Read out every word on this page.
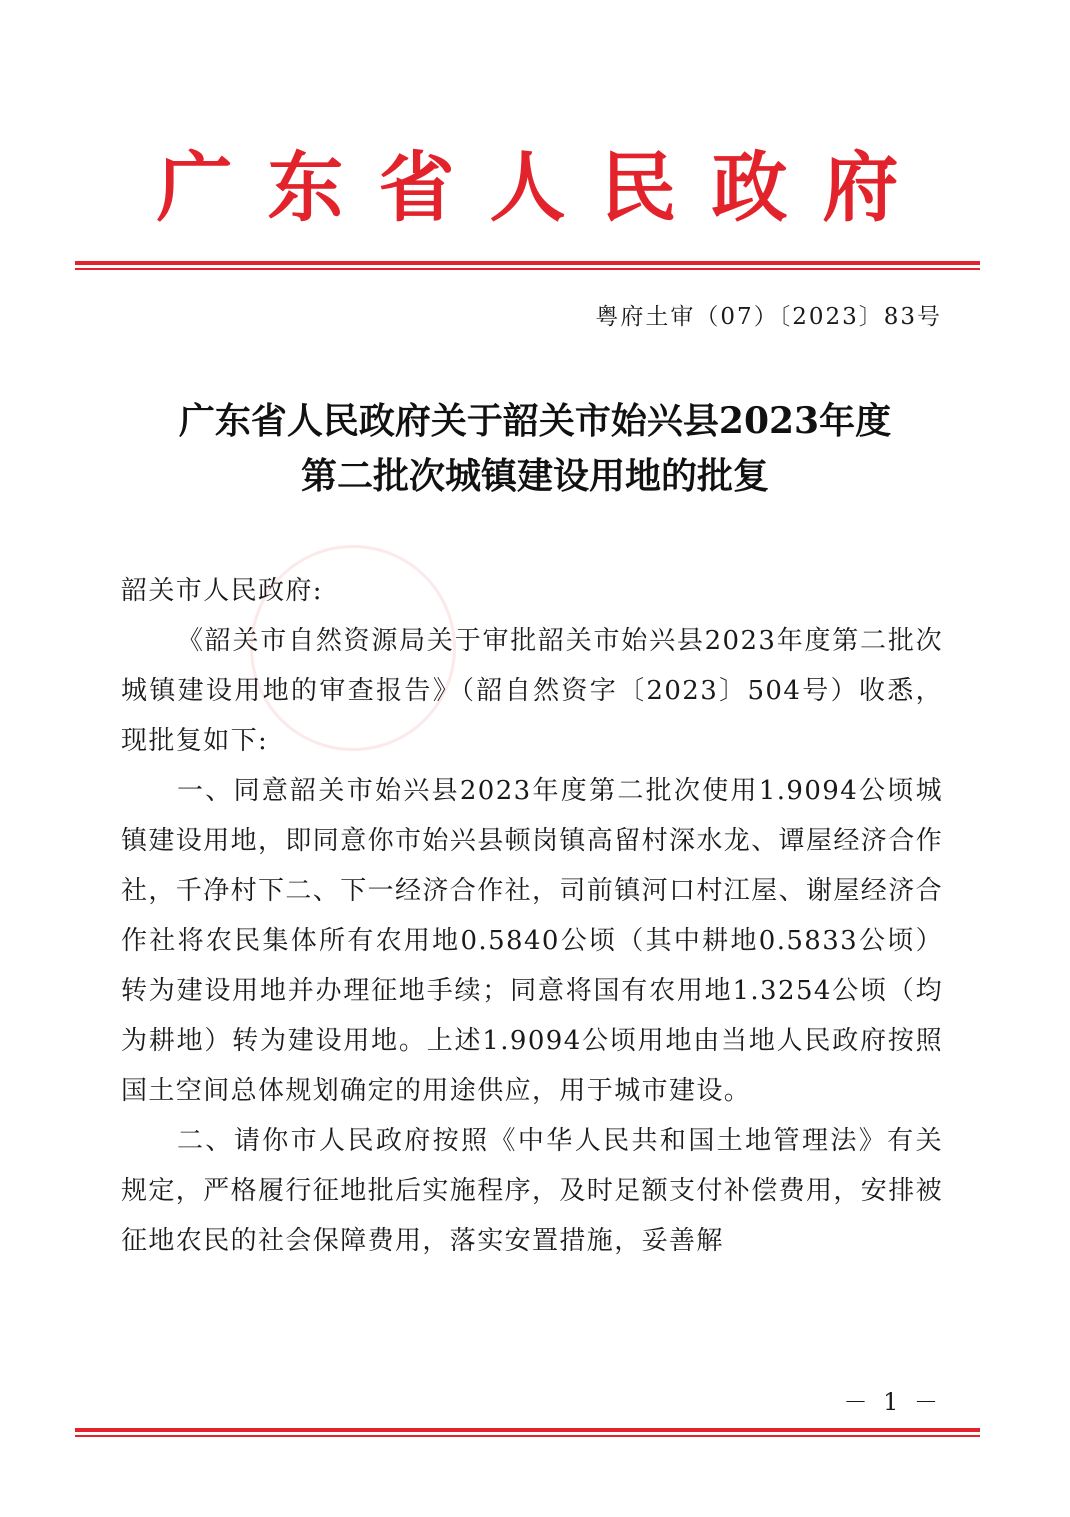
广东省人民政府
粤府土审（07）〔2023〕83号
广东省人民政府关于韶关市始兴县2023年度
第二批次城镇建设用地的批复

韶关市人民政府:

《韶关市自然资源局关于审批韶关市始兴县2023年度第二批次城镇建设用地的审查报告》（韶自然资字〔2023〕504号）收悉，现批复如下:

一、同意韶关市始兴县2023年度第二批次使用1.9094公顷城镇建设用地，即同意你市始兴县顿岗镇高留村深水龙、谭屋经济合作社，千净村下二、下一经济合作社，司前镇河口村江屋、谢屋经济合作社将农民集体所有农用地0.5840公顷（其中耕地0.5833公顷）转为建设用地并办理征地手续；同意将国有农用地1.3254公顷（均为耕地）转为建设用地。上述1.9094公顷用地由当地人民政府按照国土空间总体规划确定的用途供应，用于城市建设。

二、请你市人民政府按照《中华人民共和国土地管理法》有关规定，严格履行征地批后实施程序，及时足额支付补偿费用，安排被征地农民的社会保障费用，落实安置措施，妥善解

－ 1 －
